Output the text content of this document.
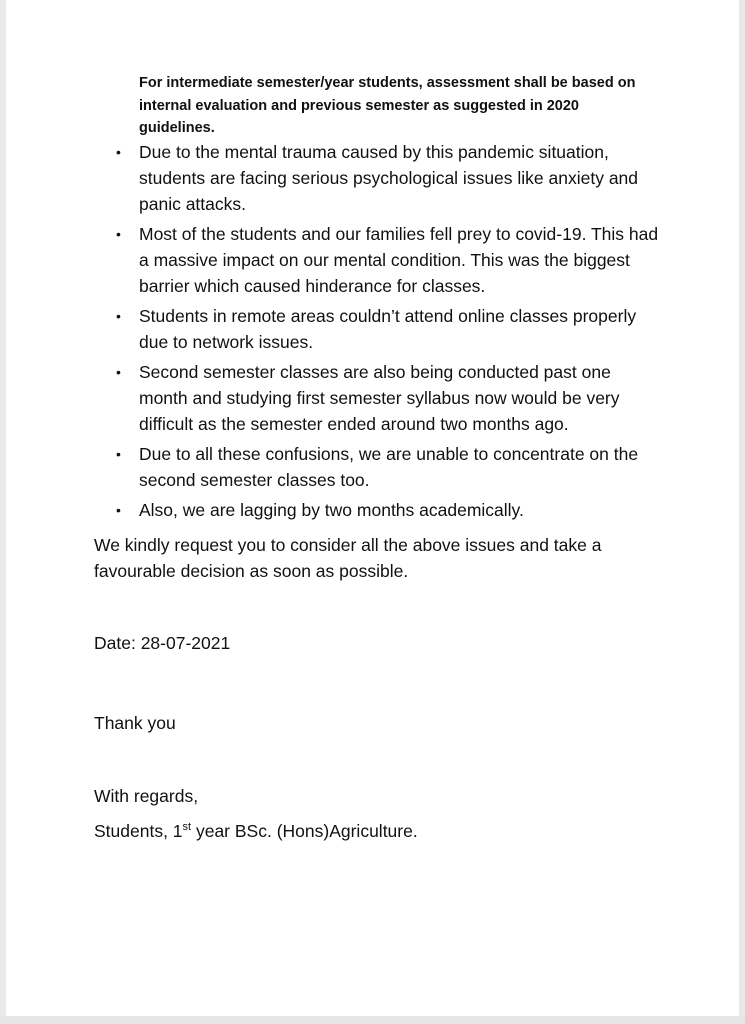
For intermediate semester/year students, assessment shall be based on internal evaluation and previous semester as suggested in 2020 guidelines.

• Due to the mental trauma caused by this pandemic situation, students are facing serious psychological issues like anxiety and panic attacks.
• Most of the students and our families fell prey to covid-19. This had a massive impact on our mental condition. This was the biggest barrier which caused hinderance for classes.
• Students in remote areas couldn’t attend online classes properly due to network issues.
• Second semester classes are also being conducted past one month and studying first semester syllabus now would be very difficult as the semester ended around two months ago.
• Due to all these confusions, we are unable to concentrate on the second semester classes too.
• Also, we are lagging by two months academically.

We kindly request you to consider all the above issues and take a favourable decision as soon as possible.

Date: 28-07-2021

Thank you

With regards,

Students, 1st year BSc. (Hons)Agriculture.
